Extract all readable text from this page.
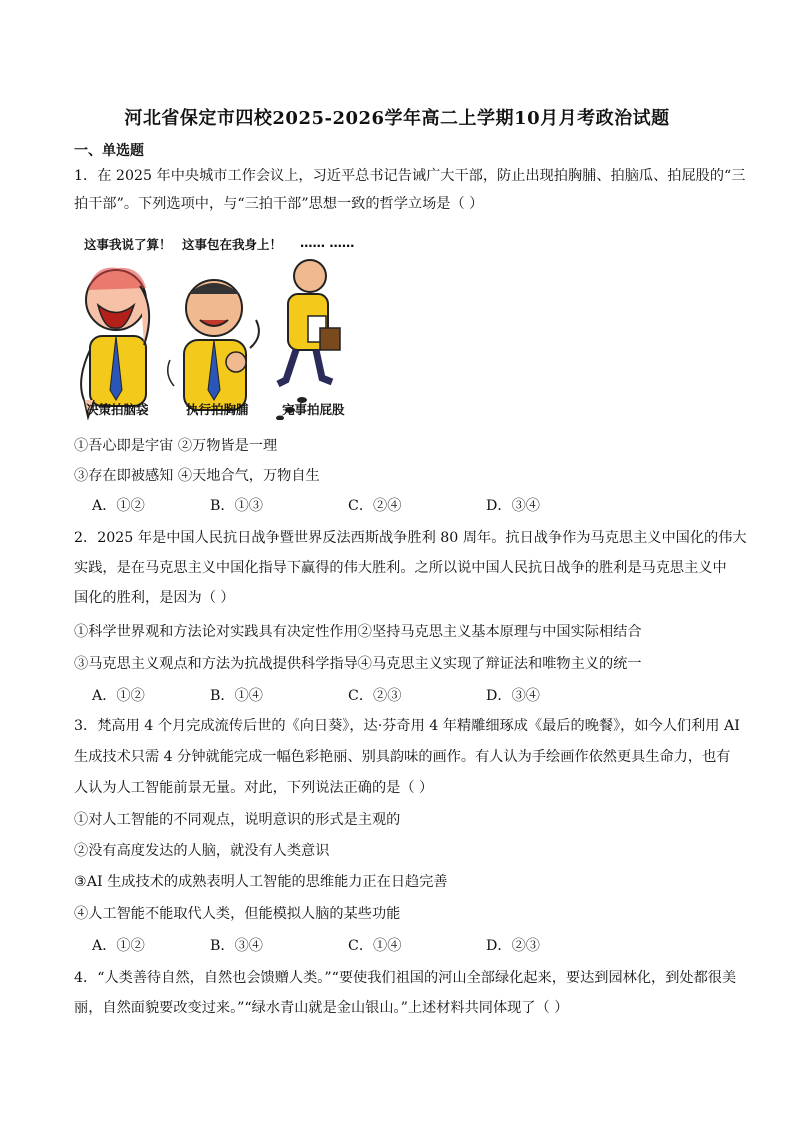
河北省保定市四校2025-2026学年高二上学期10月月考政治试题
一、单选题
1．在 2025 年中央城市工作会议上，习近平总书记告诫广大干部，防止出现拍胸脯、拍脑瓜、拍屁股的“三
拍干部”。下列选项中，与“三拍干部”思想一致的哲学立场是（ ）
这事我说了算！ 这事包在我身上！ …… ……
决策拍脑袋	执行拍胸脯	完事拍屁股
①吾心即是宇宙 ②万物皆是一理
③存在即被感知 ④天地合气，万物自生
A．①②	B．①③	C．②④	D．③④
2．2025 年是中国人民抗日战争暨世界反法西斯战争胜利 80 周年。抗日战争作为马克思主义中国化的伟大
实践，是在马克思主义中国化指导下赢得的伟大胜利。之所以说中国人民抗日战争的胜利是马克思主义中
国化的胜利，是因为（ ）
①科学世界观和方法论对实践具有决定性作用②坚持马克思主义基本原理与中国实际相结合
③马克思主义观点和方法为抗战提供科学指导④马克思主义实现了辩证法和唯物主义的统一
A．①②	B．①④	C．②③	D．③④
3．梵高用 4 个月完成流传后世的《向日葵》，达·芬奇用 4 年精雕细琢成《最后的晚餐》，如今人们利用 AI
生成技术只需 4 分钟就能完成一幅色彩艳丽、别具韵味的画作。有人认为手绘画作依然更具生命力，也有
人认为人工智能前景无量。对此，下列说法正确的是（ ）
①对人工智能的不同观点，说明意识的形式是主观的
②没有高度发达的人脑，就没有人类意识
③AI 生成技术的成熟表明人工智能的思维能力正在日趋完善
④人工智能不能取代人类，但能模拟人脑的某些功能
A．①②	B．③④	C．①④	D．②③
4．“人类善待自然，自然也会馈赠人类。”“要使我们祖国的河山全部绿化起来，要达到园林化，到处都很美
丽，自然面貌要改变过来。”“绿水青山就是金山银山。”上述材料共同体现了（ ）
